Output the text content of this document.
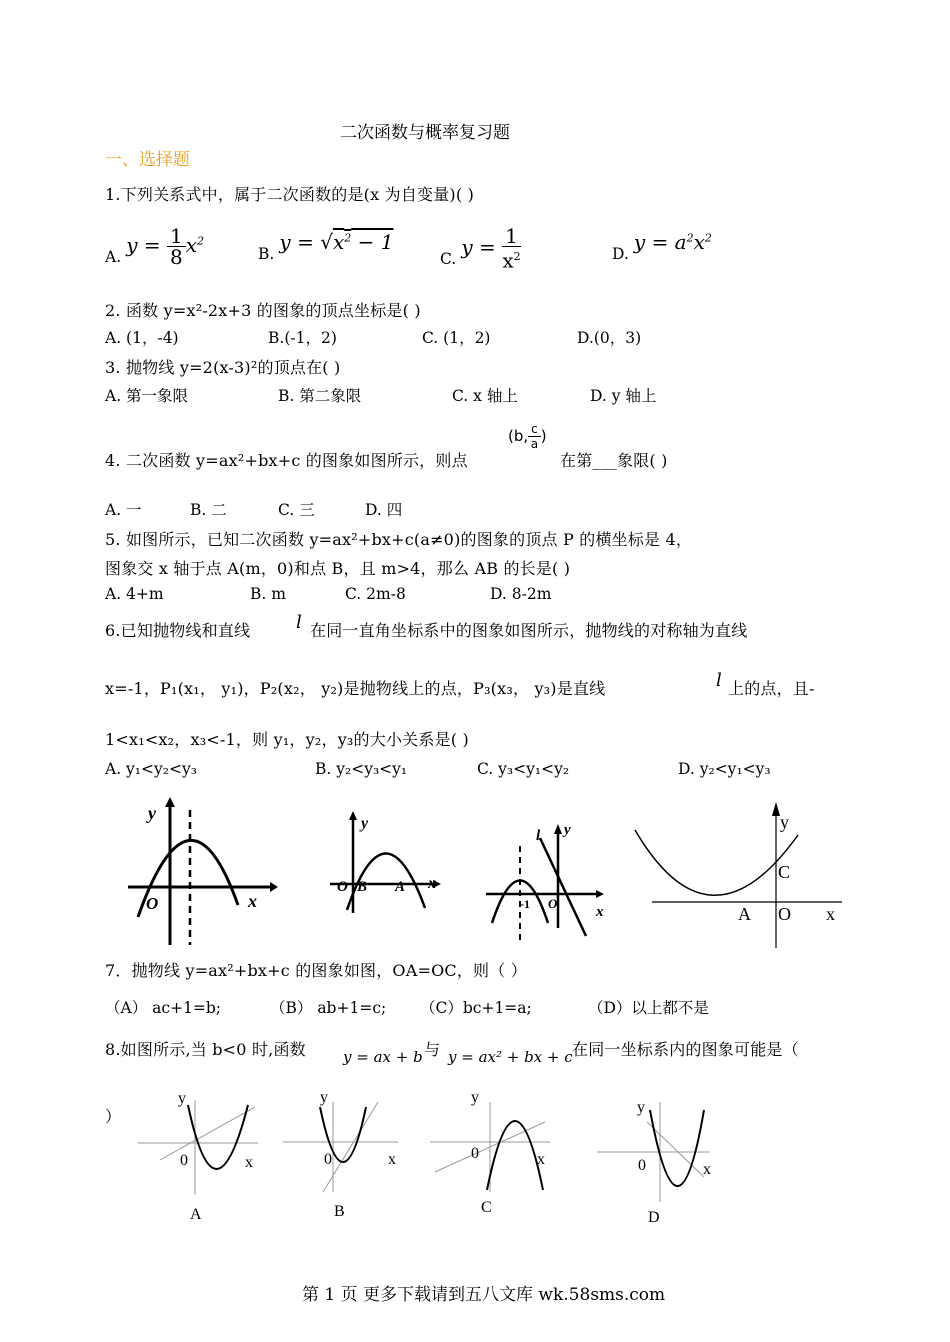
二次函数与概率复习题
一、选择题
1.下列关系式中，属于二次函数的是(x 为自变量)( )
A. $y = \frac{1}{8} x^2$
B. $y = √x^2 - 1$
C. $y = \frac{1}{x^2}$	D. $y = a^2x^2$
2. 函数 y=x²-2x+3 的图象的顶点坐标是( )
A. (1，-4)	B.(-1，2)	C. (1，2)	D.(0，3)
3. 抛物线 y=2(x-3)²的顶点在( )
A. 第一象限	B. 第二象限	C. x 轴上	D. y 轴上
4. 二次函数 y=ax²+bx+c 的图象如图所示，则点
(b, $\frac{c}{a}$ )
在第___象限( )
A. 一	B. 二	C. 三	D. 四
5. 如图所示，已知二次函数 y=ax²+bx+c(a≠0)的图象的顶点 P 的横坐标是 4，
图象交 x 轴于点 A(m，0)和点 B，且 m>4，那么 AB 的长是( )
A. 4+m	B. m	C. 2m-8	D. 8-2m
6.已知抛物线和直线	l 在同一直角坐标系中的图象如图所示，抛物线的对称轴为直线
x=-1，P₁(x₁， y₁)，P₂(x₂， y₂)是抛物线上的点，P₃(x₃， y₃)是直线	l 上的点，且-
1<x₁<x₂，x₃<-1，则 y₁，y₂，y₃的大小关系是( )
A. y₁<y₂<y₃	B. y₂<y₃<y₁	C. y₃<y₁<y₂	D. y₂<y₁<y₃
y
x
O
y
x
O B A
l y
x
O
-1
y
x
O
C
A
7．抛物线 y=ax²+bx+c 的图象如图，OA=OC，则（ ）
（A） ac+1=b;	（B） ab+1=c; （C）bc+1=a;	（D）以上都不是
8.如图所示,当 b<0 时,函数 y = ax + b 与 y = ax² + bx + c 在同一坐标系内的图象可能是（
）
y
0	x
A
y
0	x
B
y
0	x
C
y
0	x
D
第 1 页 更多下载请到五八文库 wk.58sms.com
